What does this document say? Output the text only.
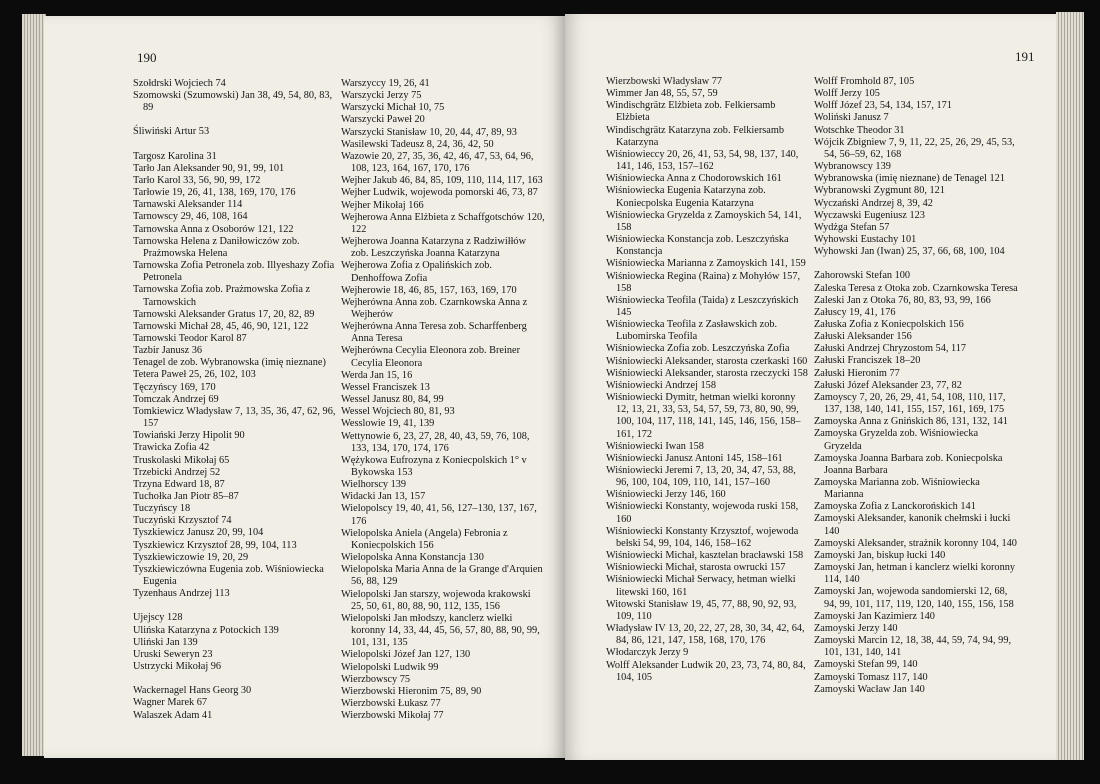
190
Szołdrski Wojciech 74
Szomowski (Szumowski) Jan 38, 49, 54, 80, 83, 89
Śliwiński Artur 53
Targosz Karolina 31
Tarło Jan Aleksander 90, 91, 99, 101
Tarło Karol 33, 56, 90, 99, 172
Tarłowie 19, 26, 41, 138, 169, 170, 176
Tarnawski Aleksander 114
Tarnowscy 29, 46, 108, 164
Tarnowska Anna z Osoborów 121, 122
Tarnowska Helena z Daniłowiczów zob. Prażmowska Helena
Tarnowska Zofia Petronela zob. Illyeshazy Zofia Petronela
Tarnowska Zofia zob. Prażmowska Zofia z Tarnowskich
Tarnowski Aleksander Gratus 17, 20, 82, 89
Tarnowski Michał 28, 45, 46, 90, 121, 122
Tarnowski Teodor Karol 87
Tazbir Janusz 36
Tenagel de zob. Wybranowska (imię nieznane)
Tetera Paweł 25, 26, 102, 103
Tęczyńscy 169, 170
Tomczak Andrzej 69
Tomkiewicz Władysław 7, 13, 35, 36, 47, 62, 96, 157
Towiański Jerzy Hipolit 90
Trawicka Zofia 42
Truskolaski Mikołaj 65
Trzebicki Andrzej 52
Trzyna Edward 18, 87
Tuchołka Jan Piotr 85–87
Tuczyńscy 18
Tuczyński Krzysztof 74
Tyszkiewicz Janusz 20, 99, 104
Tyszkiewicz Krzysztof 28, 99, 104, 113
Tyszkiewiczowie 19, 20, 29
Tyszkiewiczówna Eugenia zob. Wiśniowiecka Eugenia
Tyzenhaus Andrzej 113
Ujejscy 128
Ulińska Katarzyna z Potockich 139
Uliński Jan 139
Uruski Seweryn 23
Ustrzycki Mikołaj 96
Wackernagel Hans Georg 30
Wagner Marek 67
Walaszek Adam 41
Warszyccy 19, 26, 41
Warszycki Jerzy 75
Warszycki Michał 10, 75
Warszycki Paweł 20
Warszycki Stanisław 10, 20, 44, 47, 89, 93
Wasilewski Tadeusz 8, 24, 36, 42, 50
Wazowie 20, 27, 35, 36, 42, 46, 47, 53, 64, 96, 108, 123, 164, 167, 170, 176
Wejher Jakub 46, 84, 85, 109, 110, 114, 117, 163
Wejher Ludwik, wojewoda pomorski 46, 73, 87
Wejher Mikołaj 166
Wejherowa Anna Elżbieta z Schaffgotschów 120, 122
Wejherowa Joanna Katarzyna z Radziwiłłów zob. Leszczyńska Joanna Katarzyna
Wejherowa Zofia z Opalińskich zob. Denhoffowa Zofia
Wejherowie 18, 46, 85, 157, 163, 169, 170
Wejherówna Anna zob. Czarnkowska Anna z Wejherów
Wejherówna Anna Teresa zob. Scharffenberg Anna Teresa
Wejherówna Cecylia Eleonora zob. Breiner Cecylia Eleonora
Werda Jan 15, 16
Wessel Franciszek 13
Wessel Janusz 80, 84, 99
Wessel Wojciech 80, 81, 93
Wesslowie 19, 41, 139
Wettynowie 6, 23, 27, 28, 40, 43, 59, 76, 108, 133, 134, 170, 174, 176
Wężykowa Eufrozyna z Koniecpolskich 1° v Bykowska 153
Wielhorscy 139
Widacki Jan 13, 157
Wielopolscy 19, 40, 41, 56, 127–130, 137, 167, 176
Wielopolska Aniela (Angela) Febronia z Koniecpolskich 156
Wielopolska Anna Konstancja 130
Wielopolska Maria Anna de la Grange d'Arquien 56, 88, 129
Wielopolski Jan starszy, wojewoda krakowski 25, 50, 61, 80, 88, 90, 112, 135, 156
Wielopolski Jan młodszy, kanclerz wielki koronny 14, 33, 44, 45, 56, 57, 80, 88, 90, 99, 101, 131, 135
Wielopolski Józef Jan 127, 130
Wielopolski Ludwik 99
Wierzbowscy 75
Wierzbowski Hieronim 75, 89, 90
Wierzbowski Łukasz 77
Wierzbowski Mikołaj 77
191
Wierzbowski Władysław 77
Wimmer Jan 48, 55, 57, 59
Windischgrätz Elżbieta zob. Felkiersamb Elżbieta
Windischgrätz Katarzyna zob. Felkiersamb Katarzyna
Wiśniowieccy 20, 26, 41, 53, 54, 98, 137, 140, 141, 146, 153, 157–162
Wiśniowiecka Anna z Chodorowskich 161
Wiśniowiecka Eugenia Katarzyna zob. Koniecpolska Eugenia Katarzyna
Wiśniowiecka Gryzelda z Zamoyskich 54, 141, 158
Wiśniowiecka Konstancja zob. Leszczyńska Konstancja
Wiśniowiecka Marianna z Zamoyskich 141, 159
Wiśniowiecka Regina (Raina) z Mohyłów 157, 158
Wiśniowiecka Teofila (Taida) z Leszczyńskich 145
Wiśniowiecka Teofila z Zasławskich zob. Lubomirska Teofila
Wiśniowiecka Zofia zob. Leszczyńska Zofia
Wiśniowiecki Aleksander, starosta czerkaski 160
Wiśniowiecki Aleksander, starosta rzeczycki 158
Wiśniowiecki Andrzej 158
Wiśniowiecki Dymitr, hetman wielki koronny 12, 13, 21, 33, 53, 54, 57, 59, 73, 80, 90, 99, 100, 104, 117, 118, 141, 145, 146, 156, 158–161, 172
Wiśniowiecki Iwan 158
Wiśniowiecki Janusz Antoni 145, 158–161
Wiśniowiecki Jeremi 7, 13, 20, 34, 47, 53, 88, 96, 100, 104, 109, 110, 141, 157–160
Wiśniowiecki Jerzy 146, 160
Wiśniowiecki Konstanty, wojewoda ruski 158, 160
Wiśniowiecki Konstanty Krzysztof, wojewoda bełski 54, 99, 104, 146, 158–162
Wiśniowiecki Michał, kasztelan bracławski 158
Wiśniowiecki Michał, starosta owrucki 157
Wiśniowiecki Michał Serwacy, hetman wielki litewski 160, 161
Witowski Stanisław 19, 45, 77, 88, 90, 92, 93, 109, 110
Władysław IV 13, 20, 22, 27, 28, 30, 34, 42, 64, 84, 86, 121, 147, 158, 168, 170, 176
Włodarczyk Jerzy 9
Wolff Aleksander Ludwik 20, 23, 73, 74, 80, 84, 104, 105
Wolff Fromhold 87, 105
Wolff Jerzy 105
Wolff Józef 23, 54, 134, 157, 171
Woliński Janusz 7
Wotschke Theodor 31
Wójcik Zbigniew 7, 9, 11, 22, 25, 26, 29, 45, 53, 54, 56–59, 62, 168
Wybranowscy 139
Wybranowska (imię nieznane) de Tenagel 121
Wybranowski Zygmunt 80, 121
Wyczański Andrzej 8, 39, 42
Wyczawski Eugeniusz 123
Wydżga Stefan 57
Wyhowski Eustachy 101
Wyhowski Jan (Iwan) 25, 37, 66, 68, 100, 104
Zahorowski Stefan 100
Zaleska Teresa z Otoka zob. Czarnkowska Teresa
Zaleski Jan z Otoka 76, 80, 83, 93, 99, 166
Załuscy 19, 41, 176
Załuska Zofia z Koniecpolskich 156
Załuski Aleksander 156
Załuski Andrzej Chryzostom 54, 117
Załuski Franciszek 18–20
Załuski Hieronim 77
Załuski Józef Aleksander 23, 77, 82
Zamoyscy 7, 20, 26, 29, 41, 54, 108, 110, 117, 137, 138, 140, 141, 155, 157, 161, 169, 175
Zamoyska Anna z Gnińskich 86, 131, 132, 141
Zamoyska Gryzelda zob. Wiśniowiecka Gryzelda
Zamoyska Joanna Barbara zob. Koniecpolska Joanna Barbara
Zamoyska Marianna zob. Wiśniowiecka Marianna
Zamoyska Zofia z Lanckorońskich 141
Zamoyski Aleksander, kanonik chełmski i łucki 140
Zamoyski Aleksander, strażnik koronny 104, 140
Zamoyski Jan, biskup łucki 140
Zamoyski Jan, hetman i kanclerz wielki koronny 114, 140
Zamoyski Jan, wojewoda sandomierski 12, 68, 94, 99, 101, 117, 119, 120, 140, 155, 156, 158
Zamoyski Jan Kazimierz 140
Zamoyski Jerzy 140
Zamoyski Marcin 12, 18, 38, 44, 59, 74, 94, 99, 101, 131, 140, 141
Zamoyski Stefan 99, 140
Zamoyski Tomasz 117, 140
Zamoyski Wacław Jan 140
